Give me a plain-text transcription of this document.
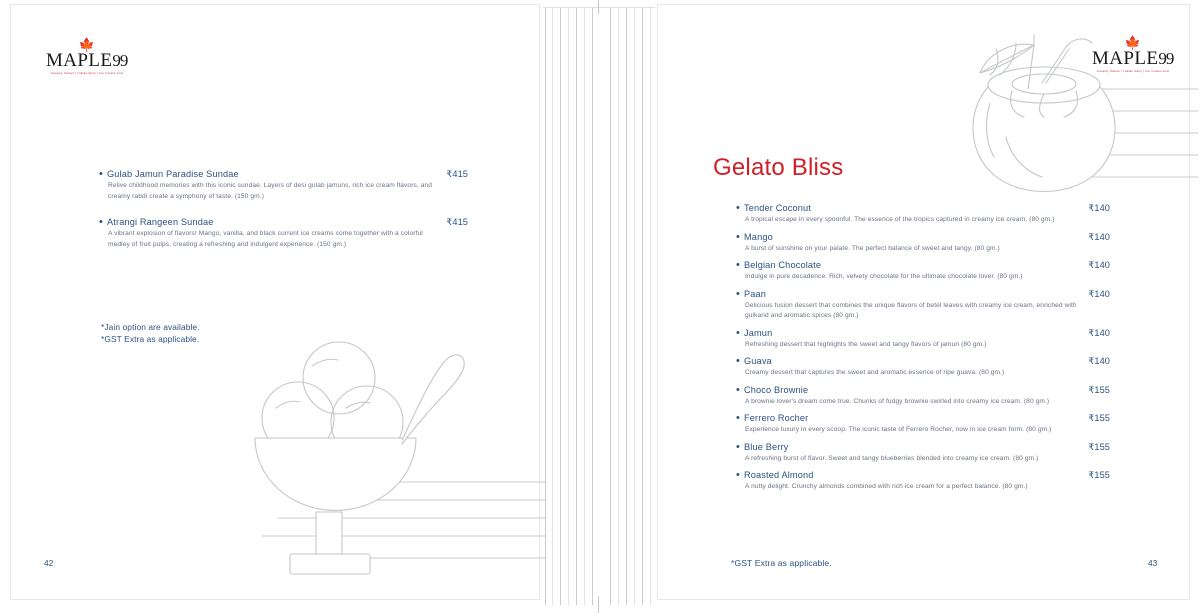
🍁
MAPLE99
Creamy Italian | Indian Desi | Ice Cream and
• Gulab Jamun Paradise Sundae	₹415
Relive childhood memories with this iconic sundae. Layers of desi gulab jamuns, rich ice cream flavors, and creamy rabdi create a symphony of taste. (150 gm.)
• Atrangi Rangeen Sundae	₹415
A vibrant explosion of flavors! Mango, vanilla, and black current ice creams come together with a colorful medley of fruit pulps, creating a refreshing and indulgent experience. (150 gm.)
*Jain option are available.
*GST Extra as applicable.
42
🍁
MAPLE99
Creamy Italian | Indian Desi | Ice Cream and
Gelato Bliss
• Tender Coconut	₹140
A tropical escape in every spoonful. The essence of the tropics captured in creamy ice cream. (80 gm.)
• Mango	₹140
A burst of sunshine on your palate. The perfect balance of sweet and tangy. (80 gm.)
• Belgian Chocolate	₹140
Indulge in pure decadence. Rich, velvety chocolate for the ultimate chocolate lover. (80 gm.)
• Paan	₹140
Delicious fusion dessert that combines the unique flavors of betel leaves with creamy ice cream, enriched with gulkand and aromatic spices (80 gm.)
• Jamun	₹140
Refreshing dessert that highlights the sweet and tangy flavors of jamun (80 gm.)
• Guava	₹140
Creamy dessert that captures the sweet and aromatic essence of ripe guava. (80 gm.)
• Choco Brownie	₹155
A brownie lover's dream come true. Chunks of fudgy brownie swirled into creamy ice cream. (80 gm.)
• Ferrero Rocher	₹155
Experience luxury in every scoop. The iconic taste of Ferrero Rocher, now in ice cream form. (80 gm.)
• Blue Berry	₹155
A refreshing burst of flavor. Sweet and tangy blueberries blended into creamy ice cream. (80 gm.)
• Roasted Almond	₹155
A nutty delight. Crunchy almonds combined with rich ice cream for a perfect balance. (80 gm.)
*GST Extra as applicable.	43
